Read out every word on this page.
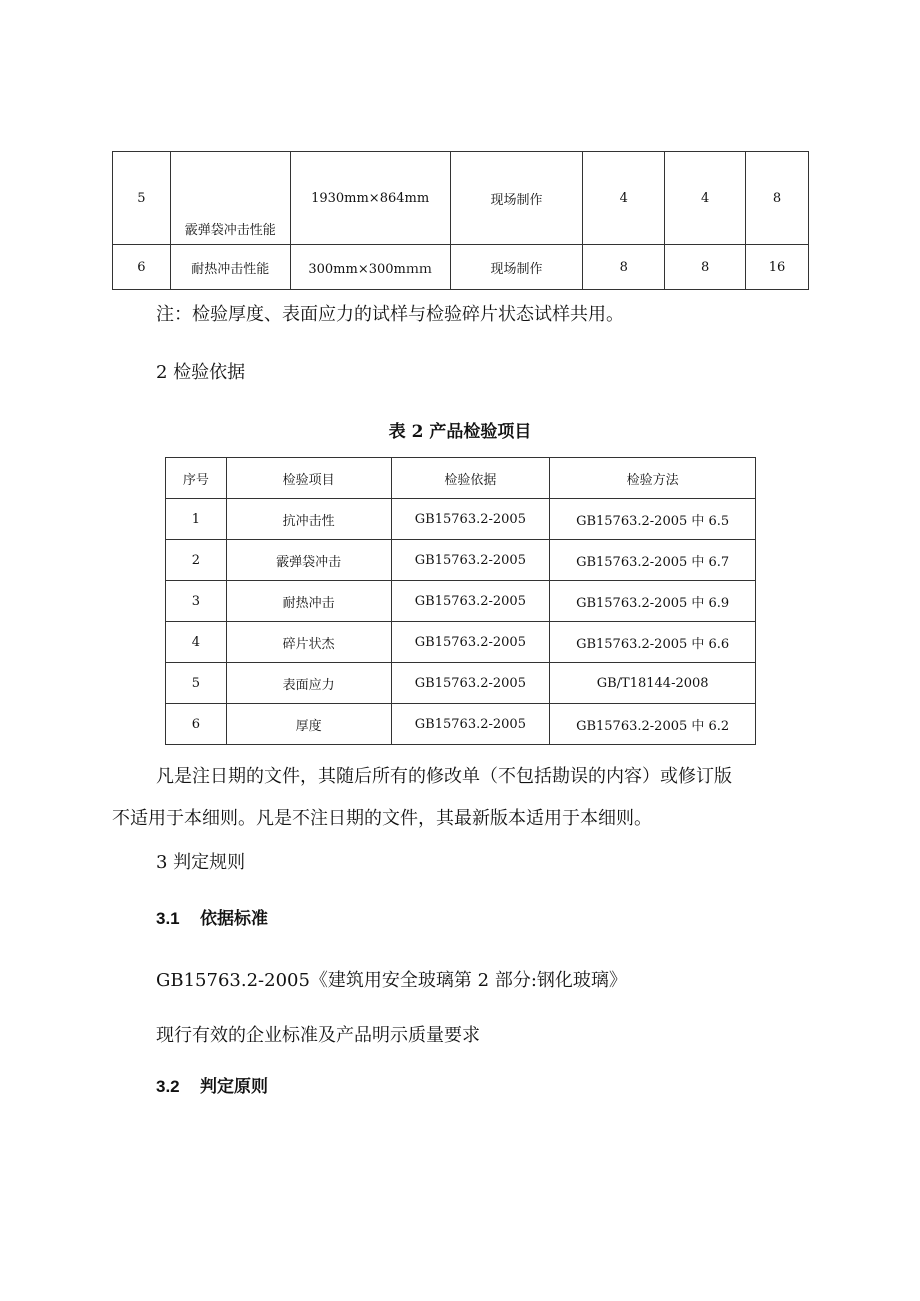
5	霰弹袋冲击性能	1930mm×864mm	现场制作	4	4	8
6	耐热冲击性能	300mm×300mｍｍ	现场制作	8	8	16
注：检验厚度、表面应力的试样与检验碎片状态试样共用。
2 检验依据
表 2 产品检验项目
序号	检验项目	检验依据	检验方法
1	抗冲击性	GB15763.2-2005	GB15763.2-2005 中 6.5
2	霰弹袋冲击	GB15763.2-2005	GB15763.2-2005 中 6.7
3	耐热冲击	GB15763.2-2005	GB15763.2-2005 中 6.9
4	碎片状杰	GB15763.2-2005	GB15763.2-2005 中 6.6
5	表面应力	GB15763.2-2005	GB/T18144-2008
6	厚度	GB15763.2-2005	GB15763.2-2005 中 6.2
凡是注日期的文件，其随后所有的修改单（不包括勘误的内容）或修订版
不适用于本细则。凡是不注日期的文件，其最新版本适用于本细则。
3 判定规则
3.1 依据标准
GB15763.2-2005《建筑用安全玻璃第 2 部分:钢化玻璃》
现行有效的企业标准及产品明示质量要求
3.2 判定原则
